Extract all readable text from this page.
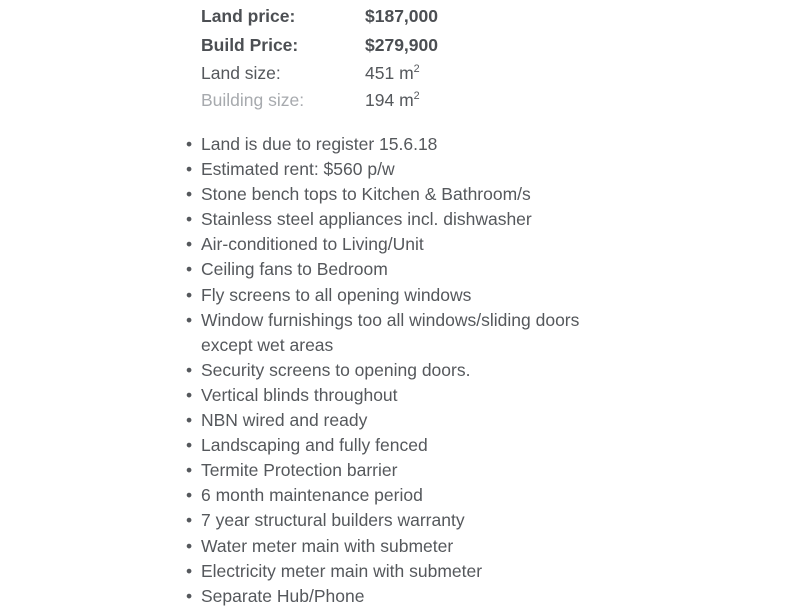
Land price:	$187,000
Build Price:	$279,900
Land size:	451 $m^2$
Building size:	194 $m^2$
• Land is due to register 15.6.18
• Estimated rent: $560 p/w
• Stone bench tops to Kitchen & Bathroom/s
• Stainless steel appliances incl. dishwasher
• Air-conditioned to Living/Unit
• Ceiling fans to Bedroom
• Fly screens to all opening windows
• Window furnishings too all windows/sliding doors except wet areas
• Security screens to opening doors.
• Vertical blinds throughout
• NBN wired and ready
• Landscaping and fully fenced
• Termite Protection barrier
• 6 month maintenance period
• 7 year structural builders warranty
• Water meter main with submeter
• Electricity meter main with submeter
• Separate Hub/Phone
